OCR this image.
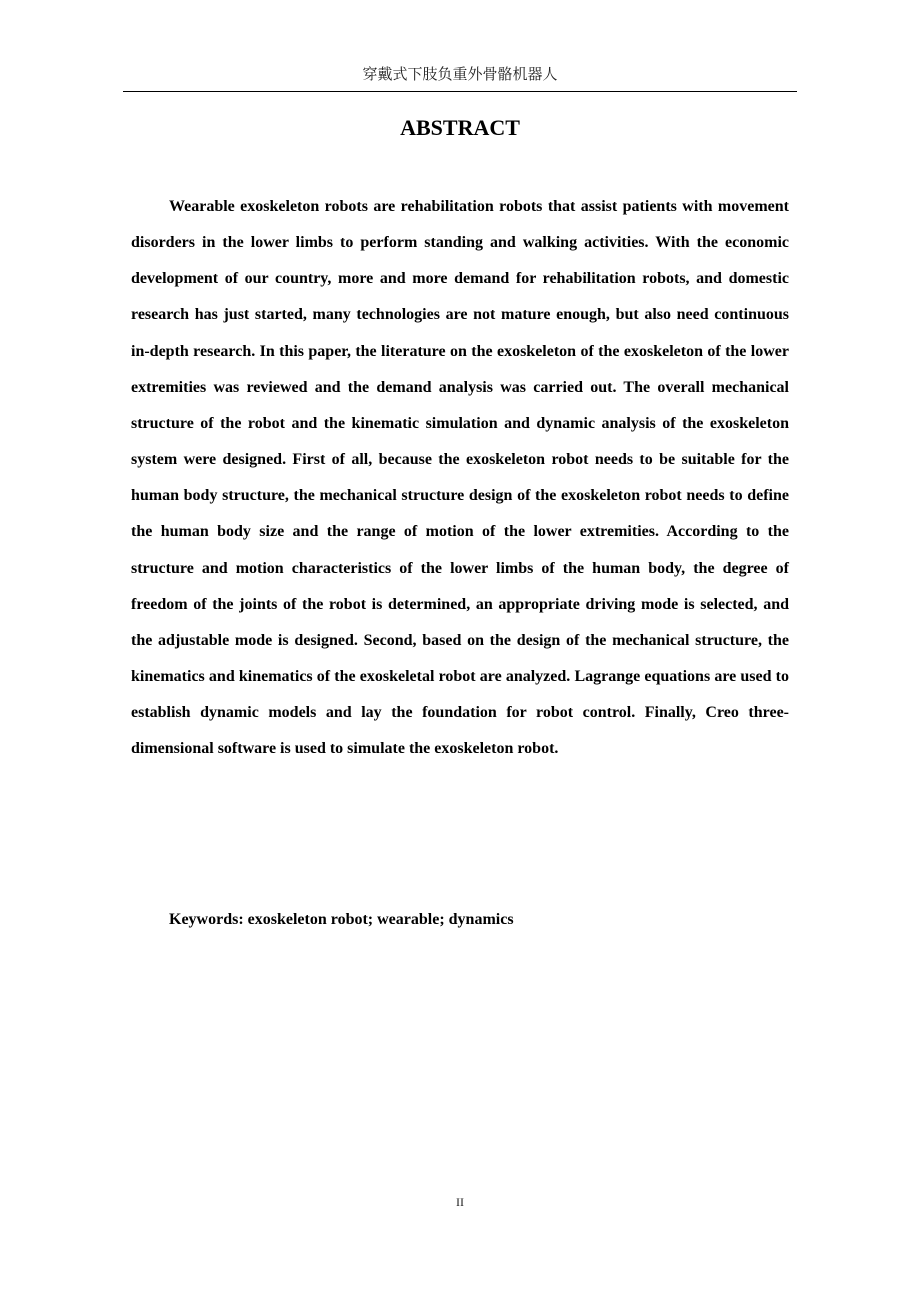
穿戴式下肢负重外骨骼机器人
ABSTRACT

Wearable exoskeleton robots are rehabilitation robots that assist patients with movement disorders in the lower limbs to perform standing and walking activities. With the economic development of our country, more and more demand for rehabilitation robots, and domestic research has just started, many technologies are not mature enough, but also need continuous in-depth research. In this paper, the literature on the exoskeleton of the exoskeleton of the lower extremities was reviewed and the demand analysis was carried out. The overall mechanical structure of the robot and the kinematic simulation and dynamic analysis of the exoskeleton system were designed. First of all, because the exoskeleton robot needs to be suitable for the human body structure, the mechanical structure design of the exoskeleton robot needs to define the human body size and the range of motion of the lower extremities. According to the structure and motion characteristics of the lower limbs of the human body, the degree of freedom of the joints of the robot is determined, an appropriate driving mode is selected, and the adjustable mode is designed. Second, based on the design of the mechanical structure, the kinematics and kinematics of the exoskeletal robot are analyzed. Lagrange equations are used to establish dynamic models and lay the foundation for robot control. Finally, Creo three-dimensional software is used to simulate the exoskeleton robot.

Keywords: exoskeleton robot; wearable; dynamics

II
